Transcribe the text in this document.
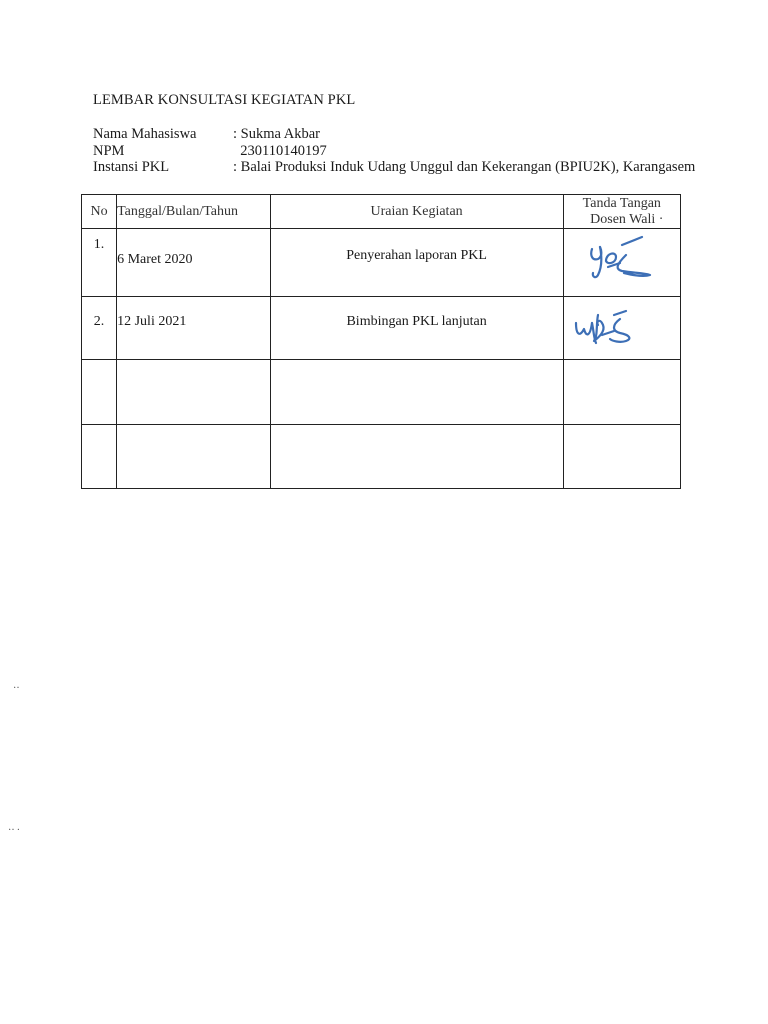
LEMBAR KONSULTASI KEGIATAN PKL
Nama Mahasiswa	: Sukma Akbar
NPM	230110140197
Instansi PKL	: Balai Produksi Induk Udang Unggul dan Kekerangan (BPIU2K), Karangasem
No	Tanggal/Bulan/Tahun	Uraian Kegiatan	Tanda Tangan
Dosen Wali ·

1.	6 Maret 2020	Penyerahan laporan PKL

2.	12 Juli 2021	Bimbingan PKL lanjutan

‥
‥ .
